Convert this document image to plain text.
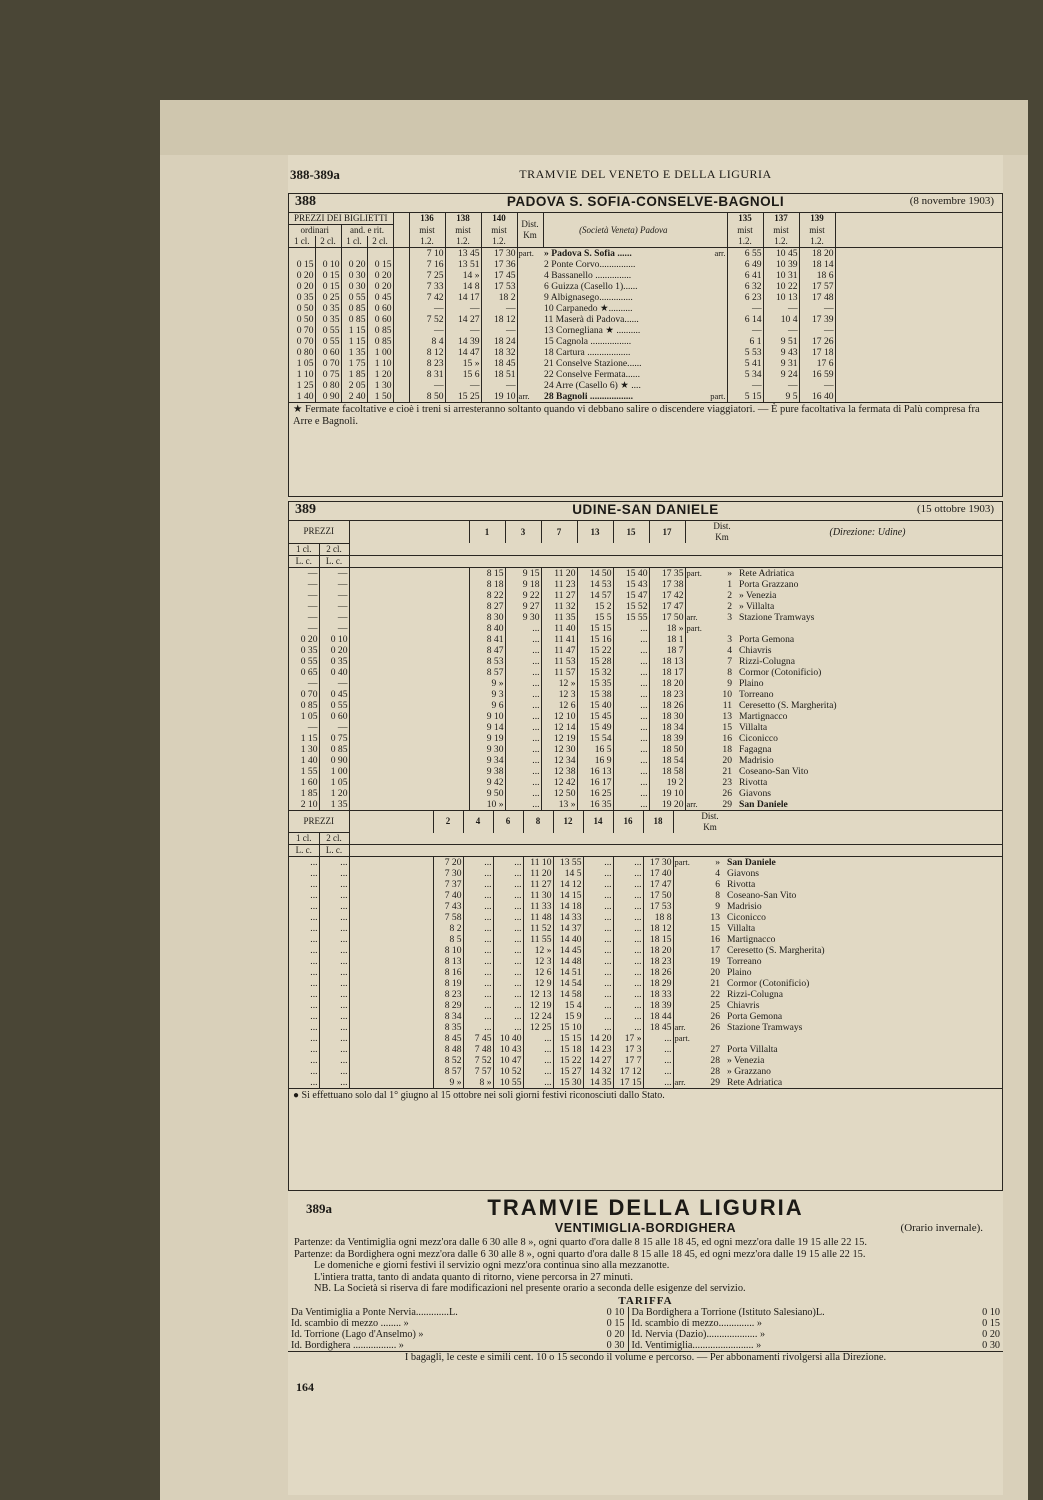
388-389a	TRAMVIE DEL VENETO E DELLA LIGURIA
388	PADOVA S. SOFIA-CONSELVE-BAGNOLI	(8 novembre 1903)
PREZZI DEI BIGLIETTI					136	138	140	Dist.
Km	(Società Veneta) Padova		135	137	139	
ordinari		and. e rit.			mist	mist	mist				mist	mist	mist	
1 cl.	2 cl.	1 cl.	2 cl.		1.2.	1.2.	1.2.				1.2.	1.2.	1.2.	
					7 10	13 45	17 30	part.	» Padova S. Sofia ......	arr.	6 55	10 45	18 20	
0 15	0 10	0 20	0 15		7 16	13 51	17 36		2 Ponte Corvo...............		6 49	10 39	18 14	
0 20	0 15	0 30	0 20		7 25	14 »	17 45		4 Bassanello ...............		6 41	10 31	18 6	
0 20	0 15	0 30	0 20		7 33	14 8	17 53		6 Guizza (Casello 1)......		6 32	10 22	17 57	
0 35	0 25	0 55	0 45		7 42	14 17	18 2		9 Albignasego..............		6 23	10 13	17 48	
0 50	0 35	0 85	0 60		—	—	—		10 Carpanedo ★..........		—	—	—	
0 50	0 35	0 85	0 60		7 52	14 27	18 12		11 Maserà di Padova......		6 14	10 4	17 39	
0 70	0 55	1 15	0 85		—	—	—		13 Cornegliana ★ ..........		—	—	—	
0 70	0 55	1 15	0 85		8 4	14 39	18 24		15 Cagnola .................		6 1	9 51	17 26	
0 80	0 60	1 35	1 00		8 12	14 47	18 32		18 Cartura ..................		5 53	9 43	17 18	
1 05	0 70	1 75	1 10		8 23	15 »	18 45		21 Conselve Stazione......		5 41	9 31	17 6	
1 10	0 75	1 85	1 20		8 31	15 6	18 51		22 Conselve Fermata......		5 34	9 24	16 59	
1 25	0 80	2 05	1 30		—	—	—		24 Arre (Casello 6) ★ ....		—	—	—	
1 40	0 90	2 40	1 50		8 50	15 25	19 10	arr.	28 Bagnoli ..................	part.	5 15	9 5	16 40	
★ Fermate facoltative e cioè i treni si arresteranno soltanto quando vi debbano salire o discendere viaggiatori. — È pure facoltativa la fermata di Palù compresa fra Arre e Bagnoli.
389	UDINE-SAN DANIELE	(15 ottobre 1903)
PREZZI			1	3	7	13	15	17		Dist.
Km	(Direzione: Udine)
1 cl.	2 cl.										
L. c.	L. c.										
—	—		8 15	9 15	11 20	14 50	15 40	17 35	part.	»	Rete Adriatica
—	—		8 18	9 18	11 23	14 53	15 43	17 38		1	Porta Grazzano
—	—		8 22	9 22	11 27	14 57	15 47	17 42		2	» Venezia
—	—		8 27	9 27	11 32	15 2	15 52	17 47		2	» Villalta
—	—		8 30	9 30	11 35	15 5	15 55	17 50	arr.	3	Stazione Tramways
—	—		8 40	...	11 40	15 15	...	18 »	part.		
0 20	0 10		8 41	...	11 41	15 16	...	18 1		3	Porta Gemona
0 35	0 20		8 47	...	11 47	15 22	...	18 7		4	Chiavris
0 55	0 35		8 53	...	11 53	15 28	...	18 13		7	Rizzi-Colugna
0 65	0 40		8 57	...	11 57	15 32	...	18 17		8	Cormor (Cotonificio)
—	—		9 »	...	12 »	15 35	...	18 20		9	Plaino
0 70	0 45		9 3	...	12 3	15 38	...	18 23		10	Torreano
0 85	0 55		9 6	...	12 6	15 40	...	18 26		11	Ceresetto (S. Margherita)
1 05	0 60		9 10	...	12 10	15 45	...	18 30		13	Martignacco
—	—		9 14	...	12 14	15 49	...	18 34		15	Villalta
1 15	0 75		9 19	...	12 19	15 54	...	18 39		16	Ciconicco
1 30	0 85		9 30	...	12 30	16 5	...	18 50		18	Fagagna
1 40	0 90		9 34	...	12 34	16 9	...	18 54		20	Madrisio
1 55	1 00		9 38	...	12 38	16 13	...	18 58		21	Coseano-San Vito
1 60	1 05		9 42	...	12 42	16 17	...	19 2		23	Rivotta
1 85	1 20		9 50	...	12 50	16 25	...	19 10		26	Giavons
2 10	1 35		10 »	...	13 »	16 35	...	19 20	arr.	29	San Daniele
PREZZI			2	4	6	8	12	14	16	18		Dist.
Km	
1 cl.	2 cl.												
L. c.	L. c.												
...	...		7 20	...	...	11 10	13 55	...	...	17 30	part.	»	San Daniele
...	...		7 30	...	...	11 20	14 5	...	...	17 40		4	Giavons
...	...		7 37	...	...	11 27	14 12	...	...	17 47		6	Rivotta
...	...		7 40	...	...	11 30	14 15	...	...	17 50		8	Coseano-San Vito
...	...		7 43	...	...	11 33	14 18	...	...	17 53		9	Madrisio
...	...		7 58	...	...	11 48	14 33	...	...	18 8		13	Ciconicco
...	...		8 2	...	...	11 52	14 37	...	...	18 12		15	Villalta
...	...		8 5	...	...	11 55	14 40	...	...	18 15		16	Martignacco
...	...		8 10	...	...	12 »	14 45	...	...	18 20		17	Ceresetto (S. Margherita)
...	...		8 13	...	...	12 3	14 48	...	...	18 23		19	Torreano
...	...		8 16	...	...	12 6	14 51	...	...	18 26		20	Plaino
...	...		8 19	...	...	12 9	14 54	...	...	18 29		21	Cormor (Cotonificio)
...	...		8 23	...	...	12 13	14 58	...	...	18 33		22	Rizzi-Colugna
...	...		8 29	...	...	12 19	15 4	...	...	18 39		25	Chiavris
...	...		8 34	...	...	12 24	15 9	...	...	18 44		26	Porta Gemona
...	...		8 35	...	...	12 25	15 10	...	...	18 45	arr.	26	Stazione Tramways
...	...		8 45	7 45	10 40	...	15 15	14 20	17 »	...	part.		
...	...		8 48	7 48	10 43	...	15 18	14 23	17 3	...		27	Porta Villalta
...	...		8 52	7 52	10 47	...	15 22	14 27	17 7	...		28	» Venezia
...	...		8 57	7 57	10 52	...	15 27	14 32	17 12	...		28	» Grazzano
...	...		9 »	8 »	10 55	...	15 30	14 35	17 15	...	arr.	29	Rete Adriatica
● Si effettuano solo dal 1° giugno al 15 ottobre nei soli giorni festivi riconosciuti dallo Stato.
389a	TRAMVIE DELLA LIGURIA
VENTIMIGLIA-BORDIGHERA	(Orario invernale).
Partenze: da Ventimiglia ogni mezz'ora dalle 6 30 alle 8 », ogni quarto d'ora dalle 8 15 alle 18 45, ed ogni mezz'ora dalle 19 15 alle 22 15.
Partenze: da Bordighera ogni mezz'ora dalle 6 30 alle 8 », ogni quarto d'ora dalle 8 15 alle 18 45, ed ogni mezz'ora dalle 19 15 alle 22 15.
Le domeniche e giorni festivi il servizio ogni mezz'ora continua sino alla mezzanotte.
L'intiera tratta, tanto di andata quanto di ritorno, viene percorsa in 27 minuti.
NB. La Società si riserva di fare modificazioni nel presente orario a seconda delle esigenze del servizio.
TARIFFA
Da Ventimiglia a Ponte Nervia.............L.	0 10	Da Bordighera a Torrione (Istituto Salesiano)L.	0 10
Id. scambio di mezzo ........ »	0 15	Id. scambio di mezzo.............. »	0 15
Id. Torrione (Lago d'Anselmo) »	0 20	Id. Nervia (Dazio).................... »	0 20
Id. Bordighera ................. »	0 30	Id. Ventimiglia........................ »	0 30
I bagagli, le ceste e simili cent. 10 o 15 secondo il volume e percorso. — Per abbonamenti rivolgersi alla Direzione.
164
